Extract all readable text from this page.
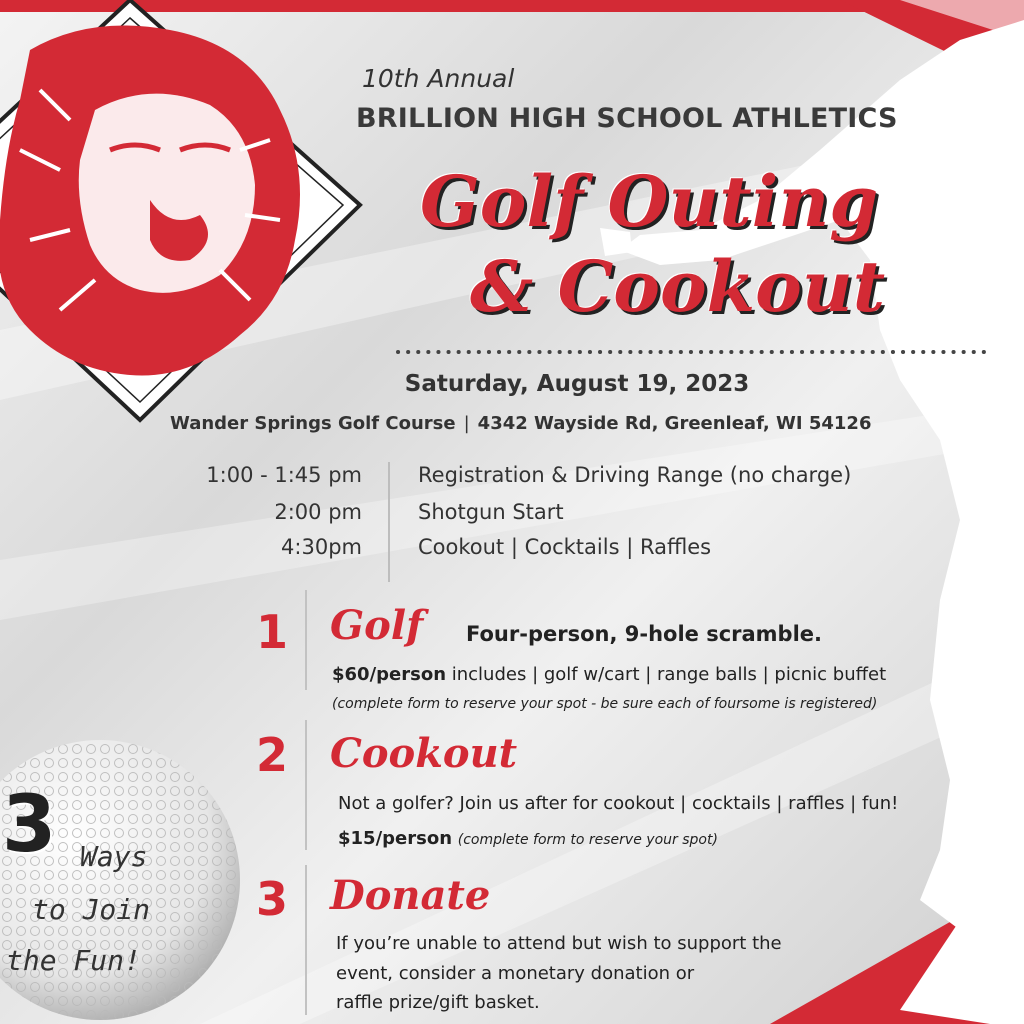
10th Annual
BRILLION HIGH SCHOOL ATHLETICS
Golf Outing
& Cookout
Saturday, August 19, 2023
Wander Springs Golf Course | 4342 Wayside Rd, Greenleaf, WI 54126
1:00 - 1:45 pm	Registration & Driving Range (no charge)
2:00 pm	Shotgun Start
4:30pm	Cookout | Cocktails | Raffles
1 Golf Four-person, 9-hole scramble.
$60/person includes | golf w/cart | range balls | picnic buffet
(complete form to reserve your spot - be sure each of foursome is registered)
2 Cookout
Not a golfer? Join us after for cookout | cocktails | raffles | fun!
$15/person (complete form to reserve your spot)
3 Donate
If you’re unable to attend but wish to support the
event, consider a monetary donation or
raffle prize/gift basket.
3 Ways
to Join
the Fun!
